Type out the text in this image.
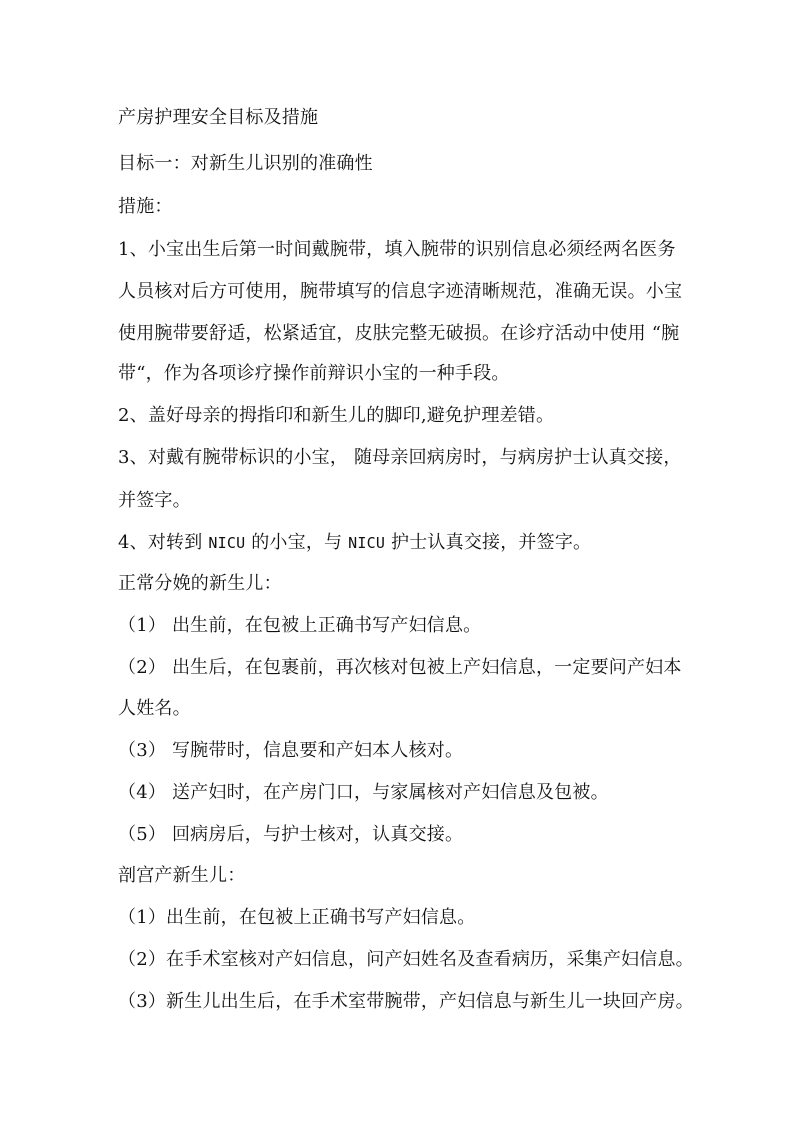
产房护理安全目标及措施
目标一：对新生儿识别的准确性
措施：
1、小宝出生后第一时间戴腕带，填入腕带的识别信息必须经两名医务
人员核对后方可使用，腕带填写的信息字迹清晰规范，准确无误。小宝
使用腕带要舒适，松紧适宜，皮肤完整无破损。在诊疗活动中使用 “腕
带“，作为各项诊疗操作前辩识小宝的一种手段。
2、盖好母亲的拇指印和新生儿的脚印,避免护理差错。
3、对戴有腕带标识的小宝， 随母亲回病房时，与病房护士认真交接，
并签字。
4、对转到 NICU 的小宝，与 NICU 护士认真交接，并签字。
正常分娩的新生儿：
（1） 出生前，在包被上正确书写产妇信息。
（2） 出生后，在包裹前，再次核对包被上产妇信息，一定要问产妇本
人姓名。
（3） 写腕带时，信息要和产妇本人核对。
（4） 送产妇时，在产房门口，与家属核对产妇信息及包被。
（5） 回病房后，与护士核对，认真交接。
剖宫产新生儿：
（1）出生前，在包被上正确书写产妇信息。
（2）在手术室核对产妇信息，问产妇姓名及查看病历，采集产妇信息。
（3）新生儿出生后，在手术室带腕带，产妇信息与新生儿一块回产房。
